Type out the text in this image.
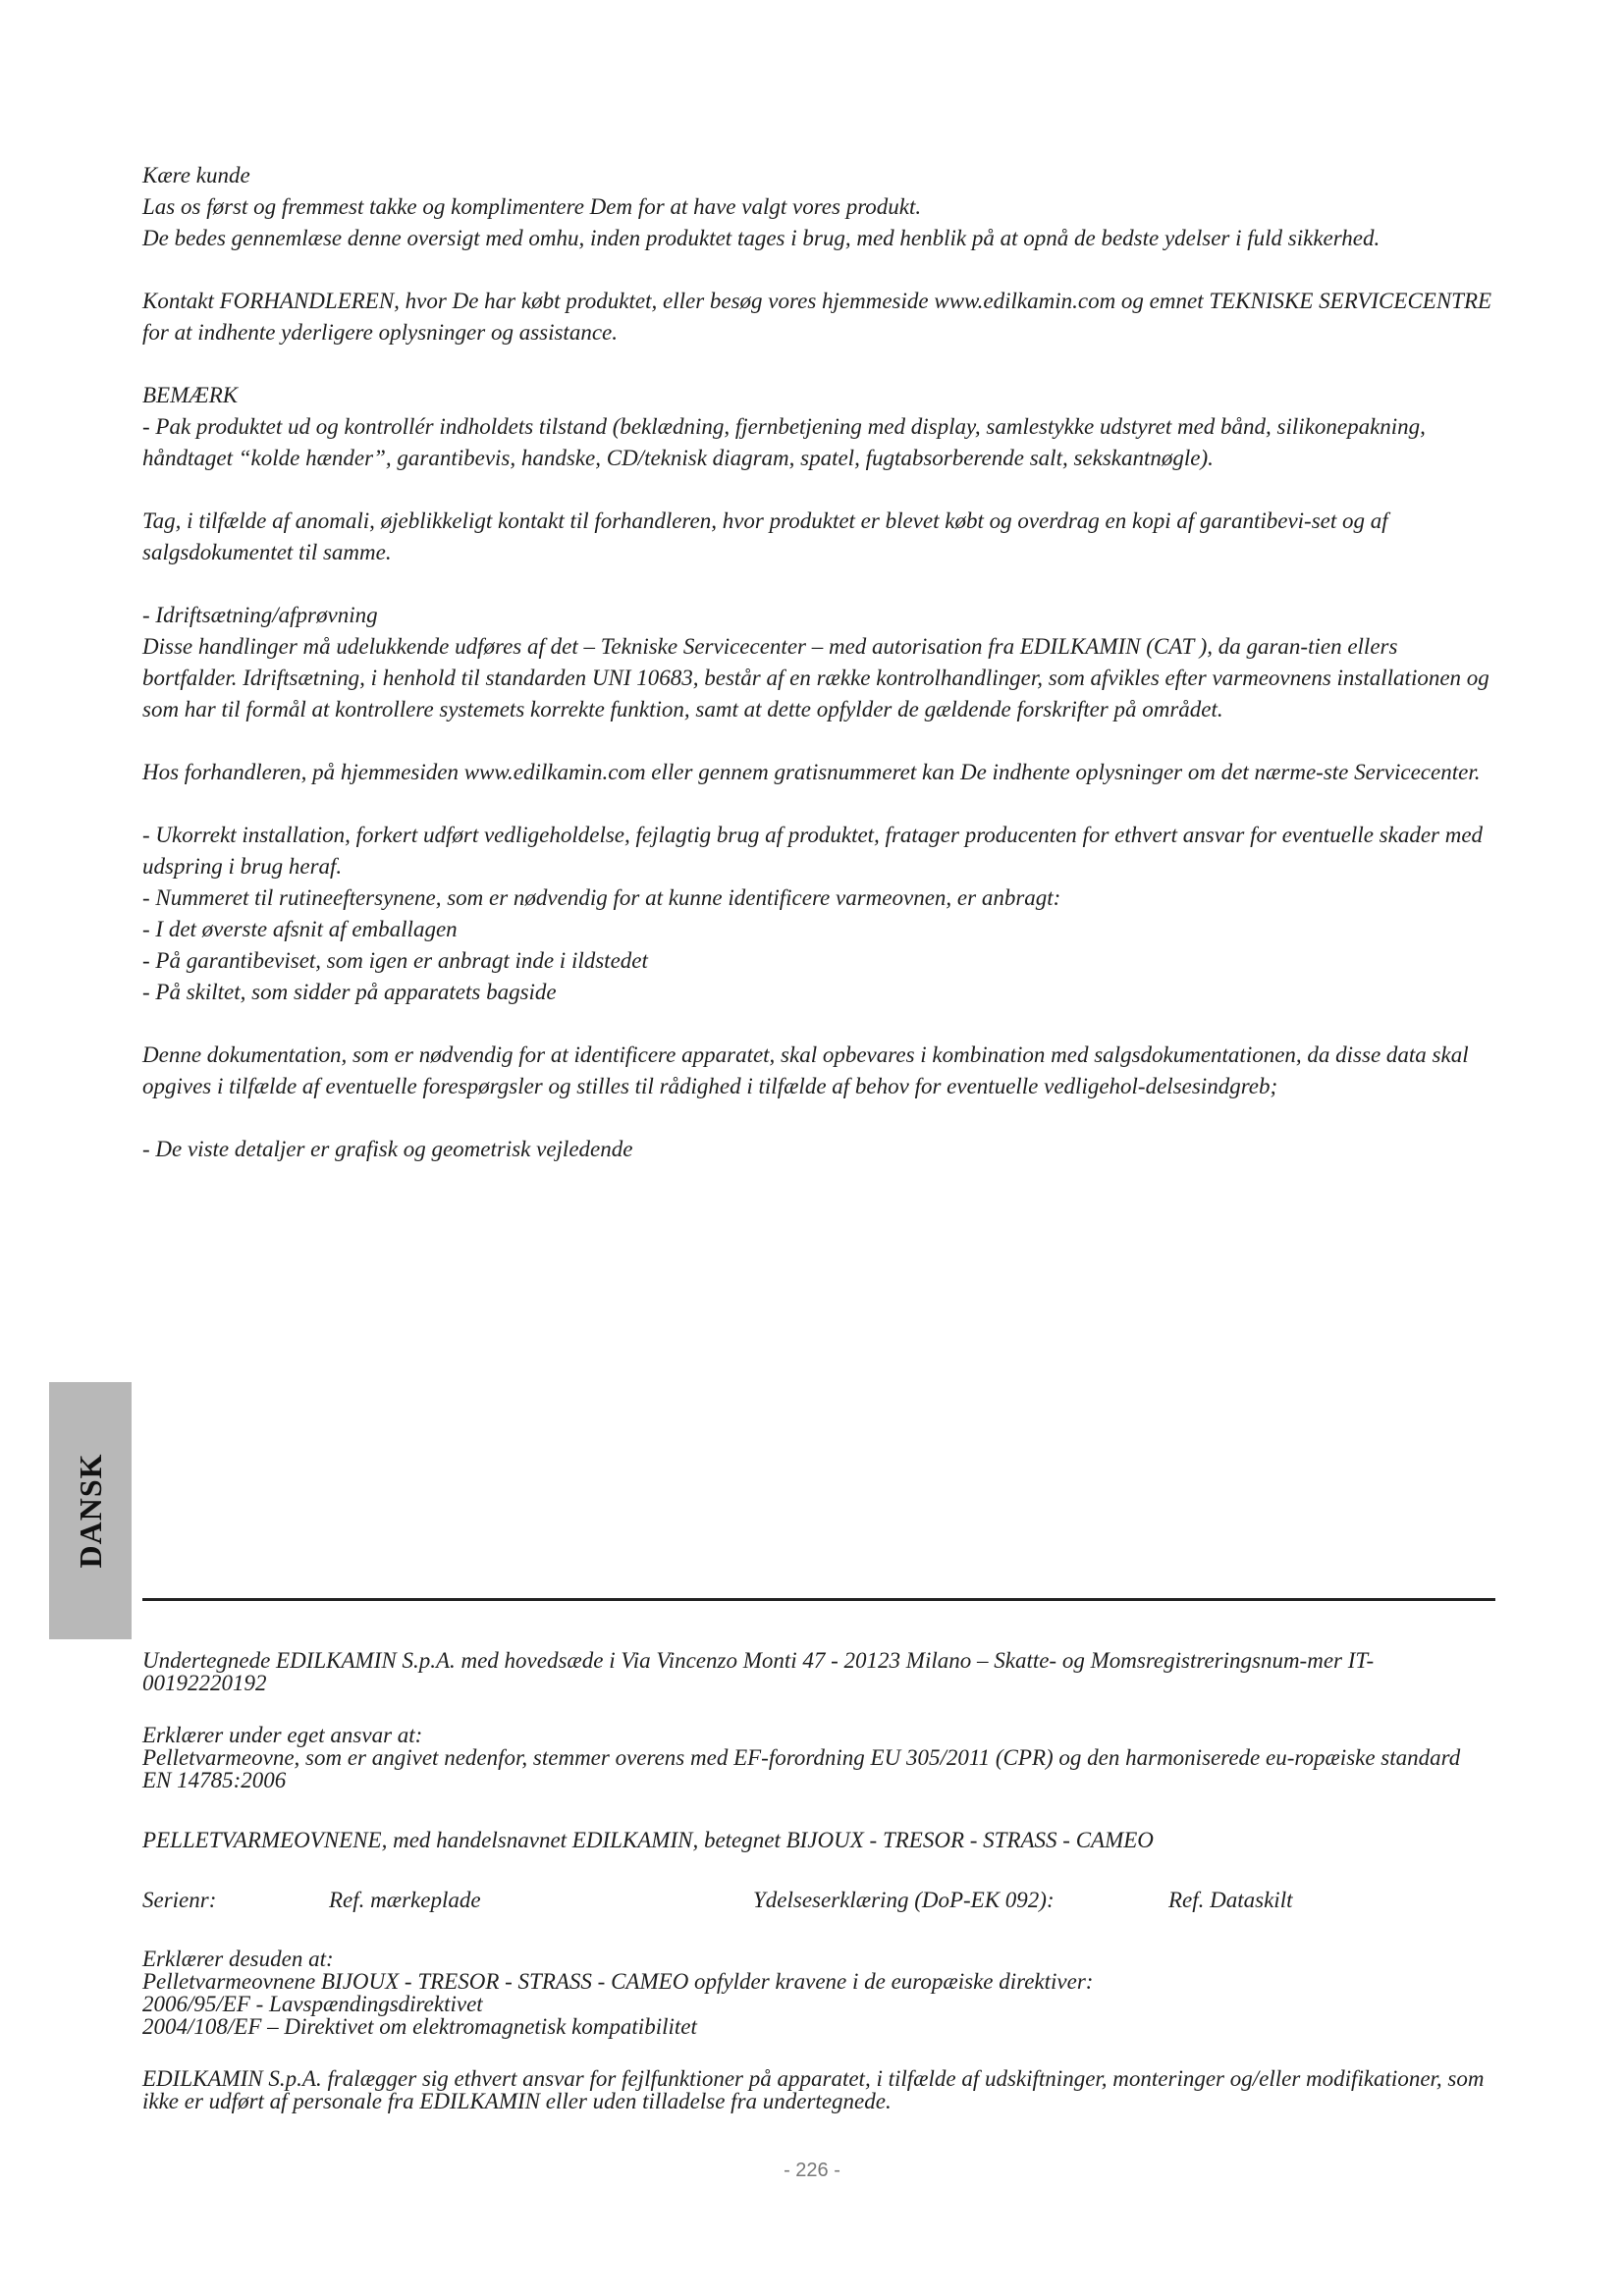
Kære kunde

Las os først og fremmest takke og komplimentere Dem for at have valgt vores produkt.
De bedes gennemlæse denne oversigt med omhu, inden produktet tages i brug, med henblik på at opnå de bedste ydelser i fuld sikkerhed.

Kontakt FORHANDLEREN, hvor De har købt produktet, eller besøg vores hjemmeside www.edilkamin.com og emnet TEKNISKE SERVICECENTRE for at indhente yderligere oplysninger og assistance.

BEMÆRK

- Pak produktet ud og kontrollér indholdets tilstand (beklædning, fjernbetjening med display, samlestykke udstyret med bånd, silikonepakning, håndtaget “kolde hænder”, garantibevis, handske, CD/teknisk diagram, spatel, fugtabsorberende salt, sekskantnøgle).

Tag, i tilfælde af anomali, øjeblikkeligt kontakt til forhandleren, hvor produktet er blevet købt og overdrag en kopi af garantibevi-set og af salgsdokumentet til samme.

- Idriftsætning/afprøvning

Disse handlinger må udelukkende udføres af det – Tekniske Servicecenter – med autorisation fra EDILKAMIN (CAT ), da garan-tien ellers bortfalder. Idriftsætning, i henhold til standarden UNI 10683, består af en række kontrolhandlinger, som afvikles efter varmeovnens installationen og som har til formål at kontrollere systemets korrekte funktion, samt at dette opfylder de gældende forskrifter på området.

Hos forhandleren, på hjemmesiden www.edilkamin.com eller gennem gratisnummeret kan De indhente oplysninger om det nærme-ste Servicecenter.

- Ukorrekt installation, forkert udført vedligeholdelse, fejlagtig brug af produktet, fratager producenten for ethvert ansvar for eventuelle skader med udspring i brug heraf.

- Nummeret til rutineeftersynene, som er nødvendig for at kunne identificere varmeovnen, er anbragt:

- I det øverste afsnit af emballagen

- På garantibeviset, som igen er anbragt inde i ildstedet

- På skiltet, som sidder på apparatets bagside

Denne dokumentation, som er nødvendig for at identificere apparatet, skal opbevares i kombination med salgsdokumentationen, da disse data skal opgives i tilfælde af eventuelle forespørgsler og stilles til rådighed i tilfælde af behov for eventuelle vedligehol-delsesindgreb;

- De viste detaljer er grafisk og geometrisk vejledende

DANSK

Undertegnede EDILKAMIN S.p.A. med hovedsæde i Via Vincenzo Monti 47 - 20123 Milano – Skatte- og Momsregistreringsnum-mer IT-00192220192

Erklærer under eget ansvar at:
Pelletvarmeovne, som er angivet nedenfor, stemmer overens med EF-forordning EU 305/2011 (CPR) og den harmoniserede eu-ropæiske standard EN 14785:2006

PELLETVARMEOVNENE, med handelsnavnet EDILKAMIN, betegnet BIJOUX - TRESOR - STRASS - CAMEO

Serienr:	Ref. mærkeplade	Ydelseserklæring (DoP-EK 092):	Ref. Dataskilt

Erklærer desuden at:
Pelletvarmeovnene BIJOUX - TRESOR - STRASS - CAMEO opfylder kravene i de europæiske direktiver:
2006/95/EF - Lavspændingsdirektivet
2004/108/EF – Direktivet om elektromagnetisk kompatibilitet

EDILKAMIN S.p.A. fralægger sig ethvert ansvar for fejlfunktioner på apparatet, i tilfælde af udskiftninger, monteringer og/eller modifikationer, som ikke er udført af personale fra EDILKAMIN eller uden tilladelse fra undertegnede.

- 226 -
